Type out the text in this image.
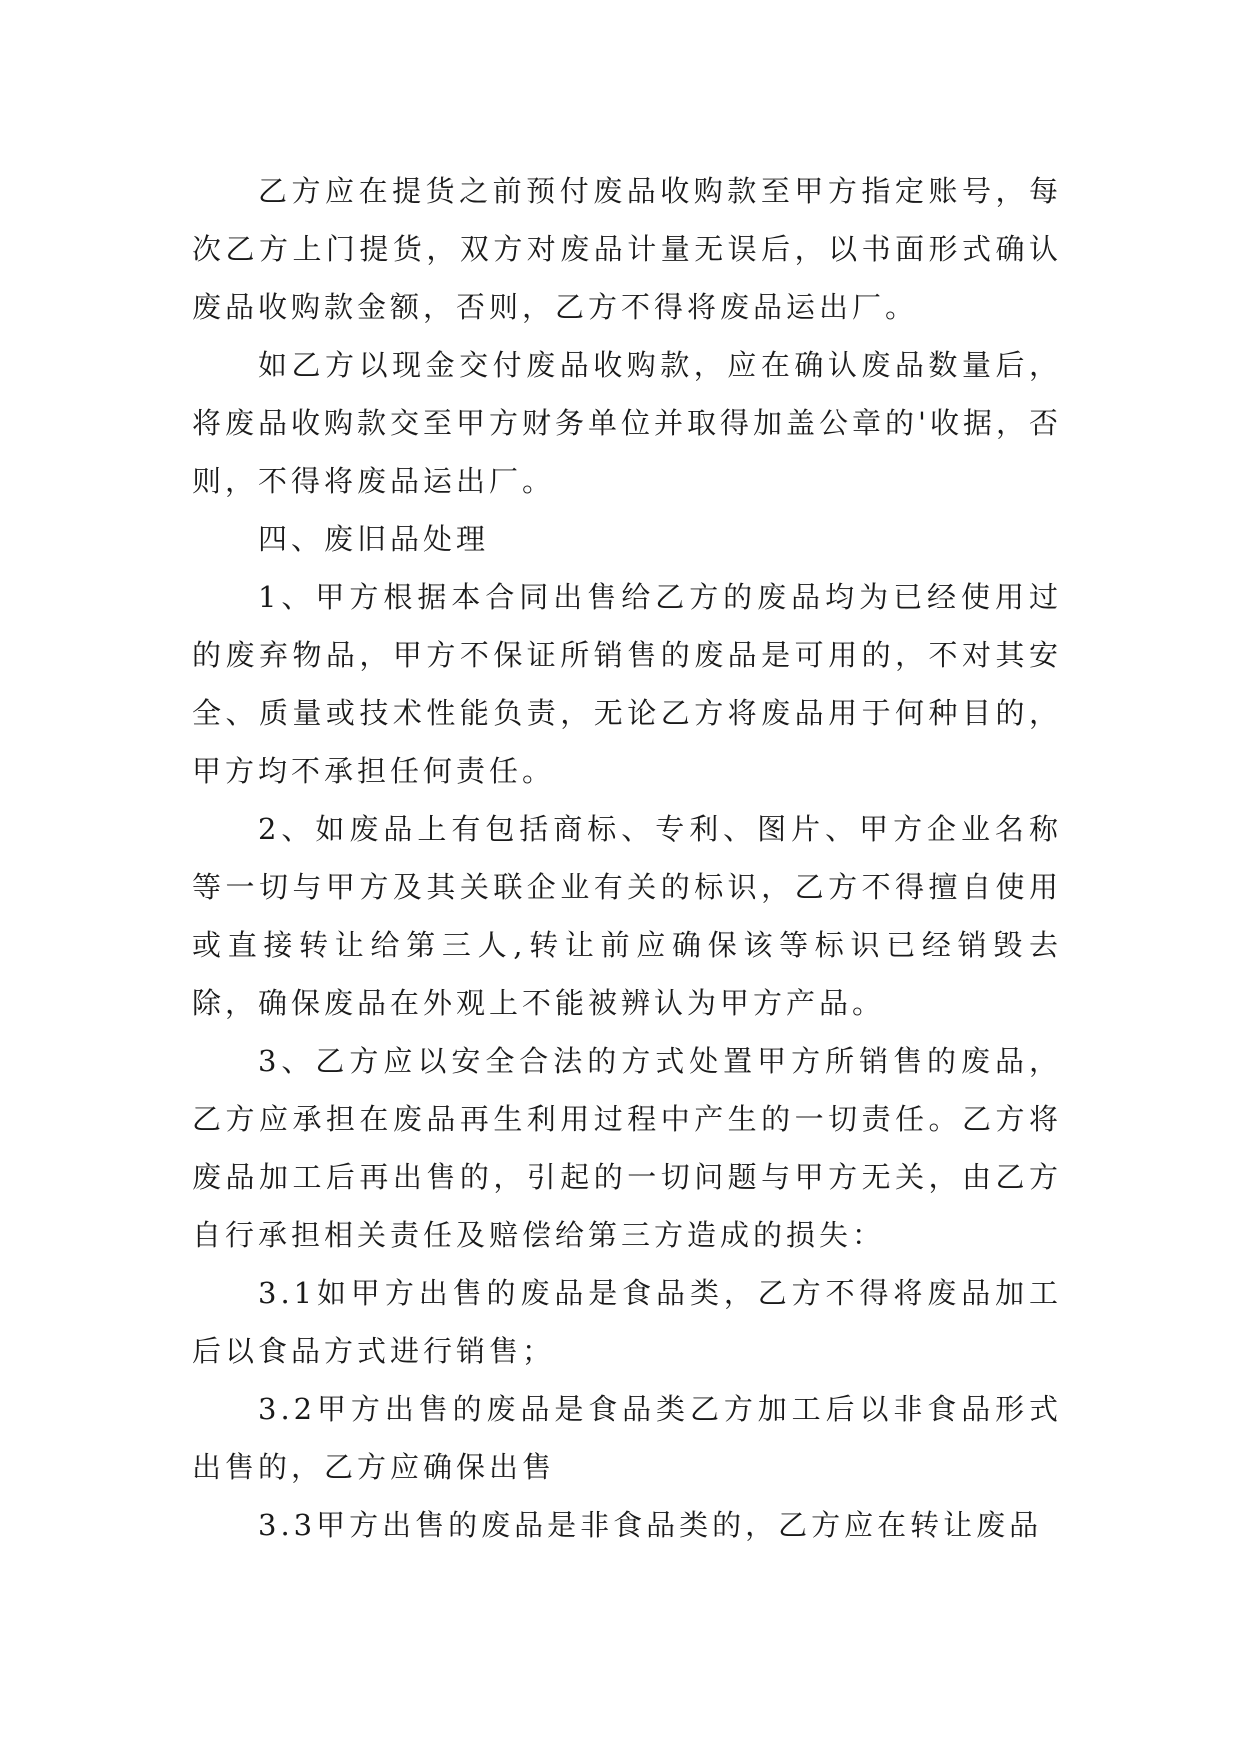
乙方应在提货之前预付废品收购款至甲方指定账号，每次乙方上门提货，双方对废品计量无误后，以书面形式确认废品收购款金额，否则，乙方不得将废品运出厂。

如乙方以现金交付废品收购款，应在确认废品数量后，将废品收购款交至甲方财务单位并取得加盖公章的'收据，否则，不得将废品运出厂。

四、废旧品处理

1、甲方根据本合同出售给乙方的废品均为已经使用过的废弃物品，甲方不保证所销售的废品是可用的，不对其安全、质量或技术性能负责，无论乙方将废品用于何种目的，甲方均不承担任何责任。

2、如废品上有包括商标、专利、图片、甲方企业名称等一切与甲方及其关联企业有关的标识，乙方不得擅自使用或直接转让给第三人,转让前应确保该等标识已经销毁去除，确保废品在外观上不能被辨认为甲方产品。

3、乙方应以安全合法的方式处置甲方所销售的废品，乙方应承担在废品再生利用过程中产生的一切责任。乙方将废品加工后再出售的，引起的一切问题与甲方无关，由乙方自行承担相关责任及赔偿给第三方造成的损失：

3.1如甲方出售的废品是食品类，乙方不得将废品加工后以食品方式进行销售；

3.2甲方出售的废品是食品类乙方加工后以非食品形式出售的，乙方应确保出售

3.3甲方出售的废品是非食品类的，乙方应在转让废品
